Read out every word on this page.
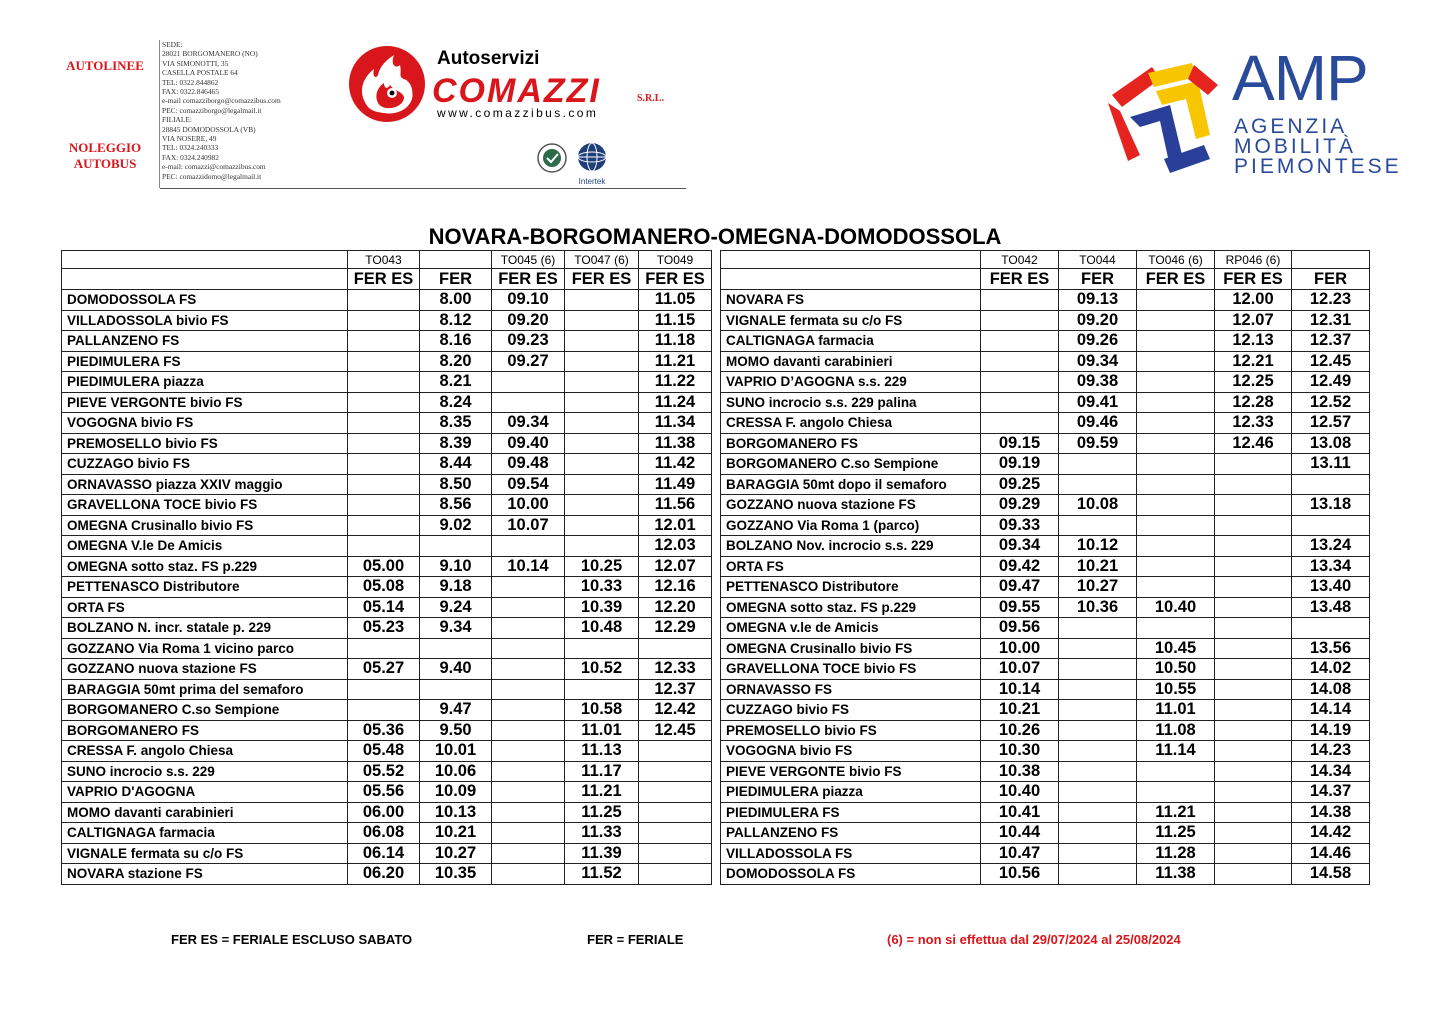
AUTOLINEE
NOLEGGIO
AUTOBUS
SEDE:
28021 BORGOMANERO (NO)
VIA SIMONOTTI, 35
CASELLA POSTALE 64
TEL: 0322.844862
FAX: 0322.846465
e-mail comazziborgo@comazzibus.com
PEC: comazziborgo@legalmail.it
FILIALE:
28845 DOMODOSSOLA (VB)
VIA NOSERE, 49
TEL: 0324.240333
FAX: 0324.240982
e-mail: comazzi@comazzibus.com
PEC: comazzidomo@legalmail.it
Autoservizi
COMAZZI	S.R.L.
www.comazzibus.com
Intertek
AMP
AGENZIA
MOBILITÀ
PIEMONTESE
NOVARA-BORGOMANERO-OMEGNA-DOMODOSSOLA
	TO043		TO045 (6)	TO047 (6)	TO049
	FER ES	FER	FER ES	FER ES	FER ES
DOMODOSSOLA FS		8.00	09.10		11.05
VILLADOSSOLA bivio FS		8.12	09.20		11.15
PALLANZENO FS		8.16	09.23		11.18
PIEDIMULERA FS		8.20	09.27		11.21
PIEDIMULERA piazza		8.21			11.22
PIEVE VERGONTE bivio FS		8.24			11.24
VOGOGNA bivio FS		8.35	09.34		11.34
PREMOSELLO bivio FS		8.39	09.40		11.38
CUZZAGO bivio FS		8.44	09.48		11.42
ORNAVASSO piazza XXIV maggio		8.50	09.54		11.49
GRAVELLONA TOCE bivio FS		8.56	10.00		11.56
OMEGNA Crusinallo bivio FS		9.02	10.07		12.01
OMEGNA V.le De Amicis					12.03
OMEGNA sotto staz. FS p.229	05.00	9.10	10.14	10.25	12.07
PETTENASCO Distributore	05.08	9.18		10.33	12.16
ORTA FS	05.14	9.24		10.39	12.20
BOLZANO N. incr. statale p. 229	05.23	9.34		10.48	12.29
GOZZANO Via Roma 1 vicino parco					
GOZZANO nuova stazione FS	05.27	9.40		10.52	12.33
BARAGGIA 50mt prima del semaforo					12.37
BORGOMANERO C.so Sempione		9.47		10.58	12.42
BORGOMANERO FS	05.36	9.50		11.01	12.45
CRESSA F. angolo Chiesa	05.48	10.01		11.13	
SUNO incrocio s.s. 229	05.52	10.06		11.17	
VAPRIO D'AGOGNA	05.56	10.09		11.21	
MOMO davanti carabinieri	06.00	10.13		11.25	
CALTIGNAGA farmacia	06.08	10.21		11.33	
VIGNALE fermata su c/o FS	06.14	10.27		11.39	
NOVARA stazione FS	06.20	10.35		11.52	
	TO042	TO044	TO046 (6)	RP046 (6)	
	FER ES	FER	FER ES	FER ES	FER
NOVARA FS		09.13		12.00	12.23
VIGNALE fermata su c/o FS		09.20		12.07	12.31
CALTIGNAGA farmacia		09.26		12.13	12.37
MOMO davanti carabinieri		09.34		12.21	12.45
VAPRIO D’AGOGNA s.s. 229		09.38		12.25	12.49
SUNO incrocio s.s. 229 palina		09.41		12.28	12.52
CRESSA F. angolo Chiesa		09.46		12.33	12.57
BORGOMANERO FS	09.15	09.59		12.46	13.08
BORGOMANERO C.so Sempione	09.19				13.11
BARAGGIA 50mt dopo il semaforo	09.25				
GOZZANO nuova stazione FS	09.29	10.08			13.18
GOZZANO Via Roma 1 (parco)	09.33				
BOLZANO Nov. incrocio s.s. 229	09.34	10.12			13.24
ORTA FS	09.42	10.21			13.34
PETTENASCO Distributore	09.47	10.27			13.40
OMEGNA sotto staz. FS p.229	09.55	10.36	10.40		13.48
OMEGNA v.le de Amicis	09.56				
OMEGNA Crusinallo bivio FS	10.00		10.45		13.56
GRAVELLONA TOCE bivio FS	10.07		10.50		14.02
ORNAVASSO FS	10.14		10.55		14.08
CUZZAGO bivio FS	10.21		11.01		14.14
PREMOSELLO bivio FS	10.26		11.08		14.19
VOGOGNA bivio FS	10.30		11.14		14.23
PIEVE VERGONTE bivio FS	10.38				14.34
PIEDIMULERA piazza	10.40				14.37
PIEDIMULERA FS	10.41		11.21		14.38
PALLANZENO FS	10.44		11.25		14.42
VILLADOSSOLA FS	10.47		11.28		14.46
DOMODOSSOLA FS	10.56		11.38		14.58
FER ES = FERIALE ESCLUSO SABATO	FER = FERIALE	(6) = non si effettua dal 29/07/2024 al 25/08/2024
